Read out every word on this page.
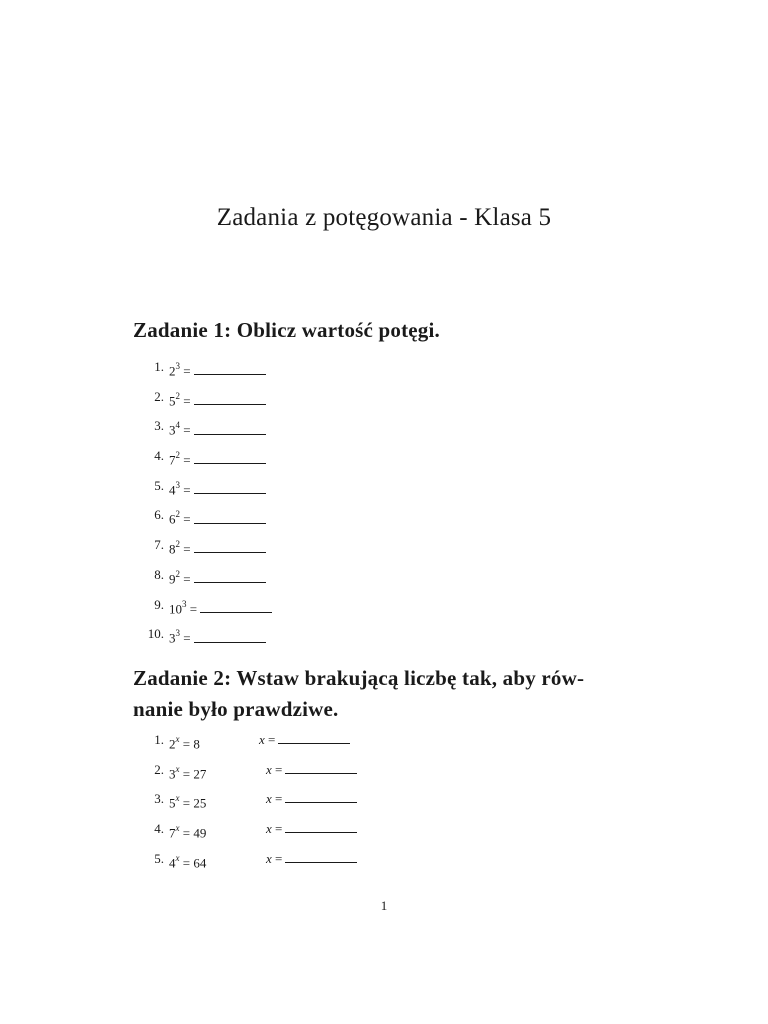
Zadania z potęgowania - Klasa 5
Zadanie 1: Oblicz wartość potęgi.
1. $2^3$ =
2. $5^2$ =
3. $3^4$ =
4. $7^2$ =
5. $4^3$ =
6. $6^2$ =
7. $8^2$ =
8. $9^2$ =
9. $10^3$ =
10. $3^3$ =
Zadanie 2: Wstaw brakującą liczbę tak, aby rów-
nanie było prawdziwe.
1. $2^x = 8$	x =
2. $3^x = 27$	x =
3. $5^x = 25$	x =
4. $7^x = 49$	x =
5. $4^x = 64$	x =
1
